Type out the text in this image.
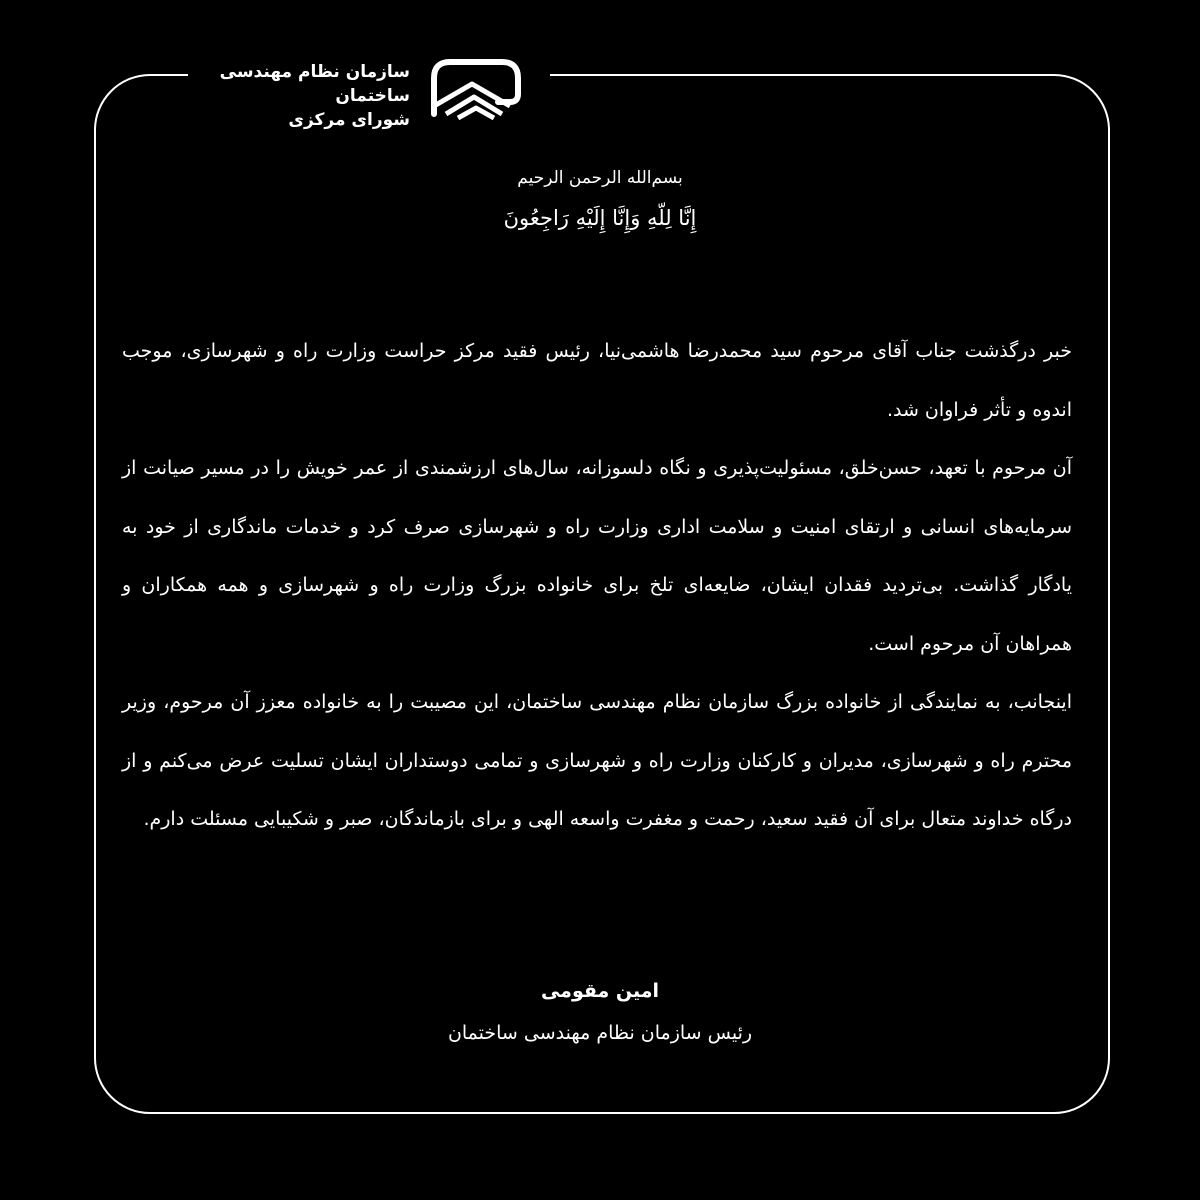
سازمان نظام مهندسی ساختمان
شورای مرکزی
بسم‌الله الرحمن الرحیم
إِنَّا لِلّهِ وَإِنَّا إِلَيْهِ رَاجِعُونَ

خبر درگذشت جناب آقای مرحوم سید محمدرضا هاشمی‌نیا، رئیس فقید مرکز حراست وزارت راه و شهرسازی، موجب اندوه و تأثر فراوان شد.

آن مرحوم با تعهد، حسن‌خلق، مسئولیت‌پذیری و نگاه دلسوزانه، سال‌های ارزشمندی از عمر خویش را در مسیر صیانت از سرمایه‌های انسانی و ارتقای امنیت و سلامت اداری وزارت راه و شهرسازی صرف کرد و خدمات ماندگاری از خود به یادگار گذاشت. بی‌تردید فقدان ایشان، ضایعه‌ای تلخ برای خانواده بزرگ وزارت راه و شهرسازی و همه همکاران و همراهان آن مرحوم است.

اینجانب، به نمایندگی از خانواده بزرگ سازمان نظام مهندسی ساختمان، این مصیبت را به خانواده معزز آن مرحوم، وزیر محترم راه و شهرسازی، مدیران و کارکنان وزارت راه و شهرسازی و تمامی دوستداران ایشان تسلیت عرض می‌کنم و از درگاه خداوند متعال برای آن فقید سعید، رحمت و مغفرت واسعه الهی و برای بازماندگان، صبر و شکیبایی مسئلت دارم.

امین مقومی
رئیس سازمان نظام مهندسی ساختمان
